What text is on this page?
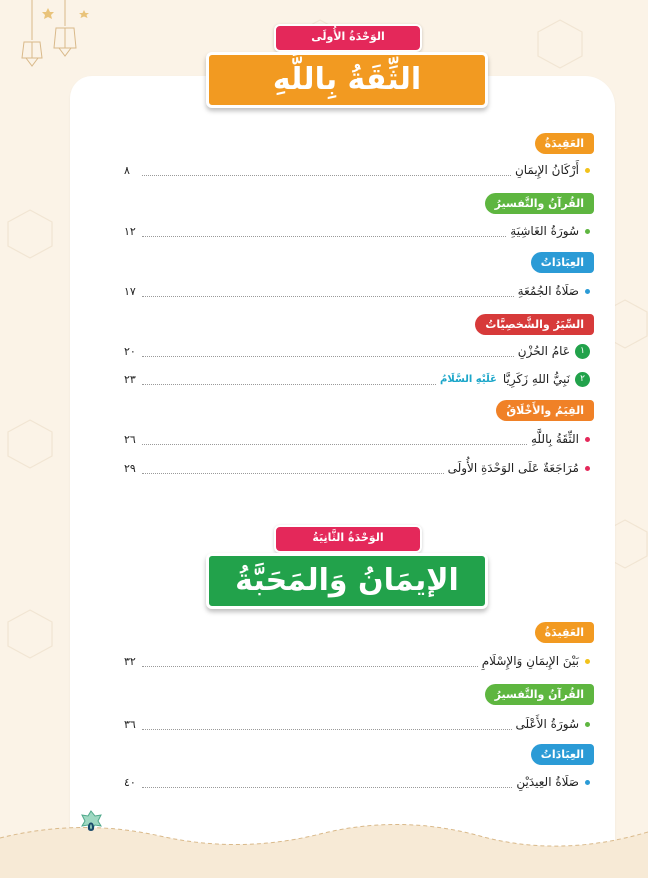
الوَحْدَةُ الأُولَى
الثِّقَةُ بِاللَّهِ
العَقِيدَةُ
أَرْكَانُ الإِيمَانِ
٨
القُرآنُ والتَّفسيرُ
سُورَةُ الغَاشِيَةِ
١٢
العِبَادَاتُ
صَلَاةُ الجُمُعَةِ
١٧
السِّيَرُ والشَّخصِيَّاتُ
١
عَامُ الحُزْنِ
٢٠
٢
نَبِيُّ اللهِ زَكَرِيَّا
عَلَيْهِ السَّلَامُ
٢٣
القِيَمُ والأَخْلَاقُ
الثِّقَةُ بِاللَّهِ
٢٦
مُرَاجَعَةٌ عَلَى الوَحْدَةِ الأُولَى
٢٩
الوَحْدَةُ الثَّانِيَةُ
الإيمَانُ وَالمَحَبَّةُ
العَقِيدَةُ
بَيْنَ الإِيمَانِ وَالإِسْلَامِ
٣٢
القُرآنُ والتَّفسيرُ
سُورَةُ الأَعْلَى
٣٦
العِبَادَاتُ
صَلَاةُ العِيدَيْنِ
٤٠
٥
